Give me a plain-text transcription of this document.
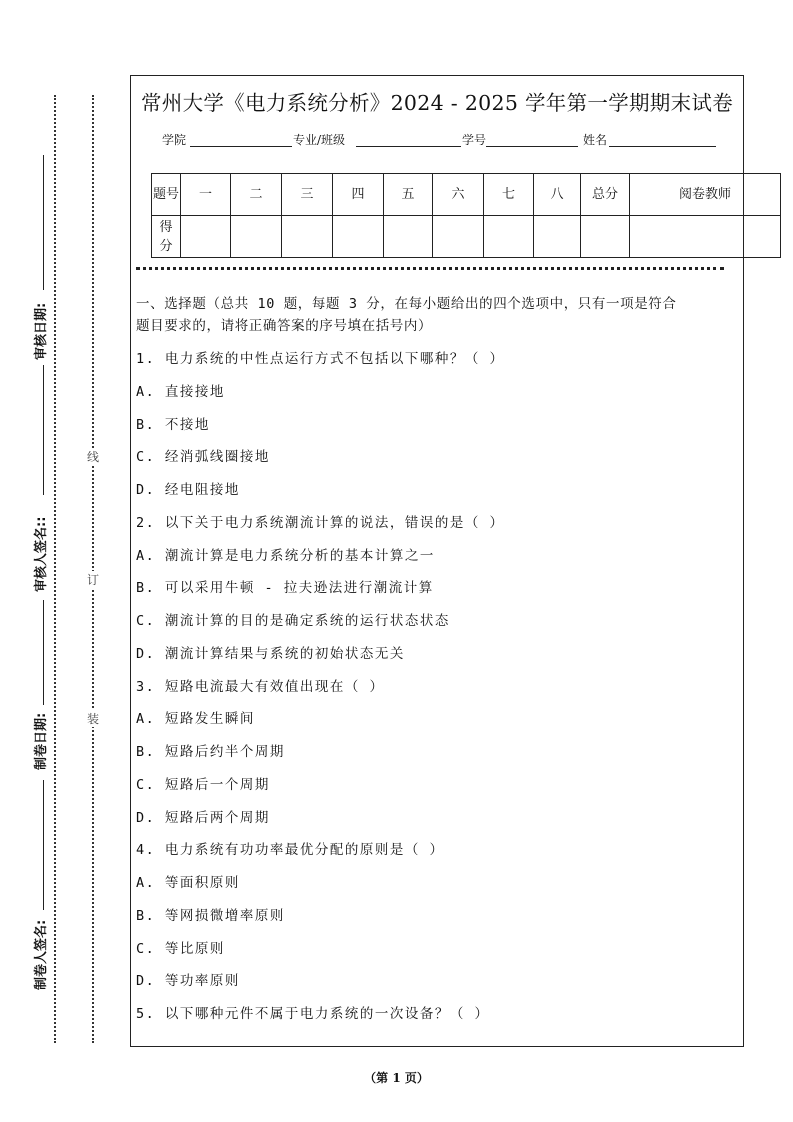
审核日期:
审核人签名::
制卷日期:
制卷人签名:
线
订
装
常州大学《电力系统分析》2024 - 2025 学年第一学期期末试卷
学院	专业/班级	学号	姓名
题号	一	二	三	四	五	六	七	八	总分	阅卷教师
得分										
一、选择题（总共 10 题，每题 3 分，在每小题给出的四个选项中，只有一项是符合
题目要求的，请将正确答案的序号填在括号内）
1. 电力系统的中性点运行方式不包括以下哪种？（ ）
A. 直接接地
B. 不接地
C. 经消弧线圈接地
D. 经电阻接地
2. 以下关于电力系统潮流计算的说法，错误的是（ ）
A. 潮流计算是电力系统分析的基本计算之一
B. 可以采用牛顿 - 拉夫逊法进行潮流计算
C. 潮流计算的目的是确定系统的运行状态状态
D. 潮流计算结果与系统的初始状态无关
3. 短路电流最大有效值出现在（ ）
A. 短路发生瞬间
B. 短路后约半个周期
C. 短路后一个周期
D. 短路后两个周期
4. 电力系统有功功率最优分配的原则是（ ）
A. 等面积原则
B. 等网损微增率原则
C. 等比原则
D. 等功率原则
5. 以下哪种元件不属于电力系统的一次设备？（ ）
（第 1 页）
